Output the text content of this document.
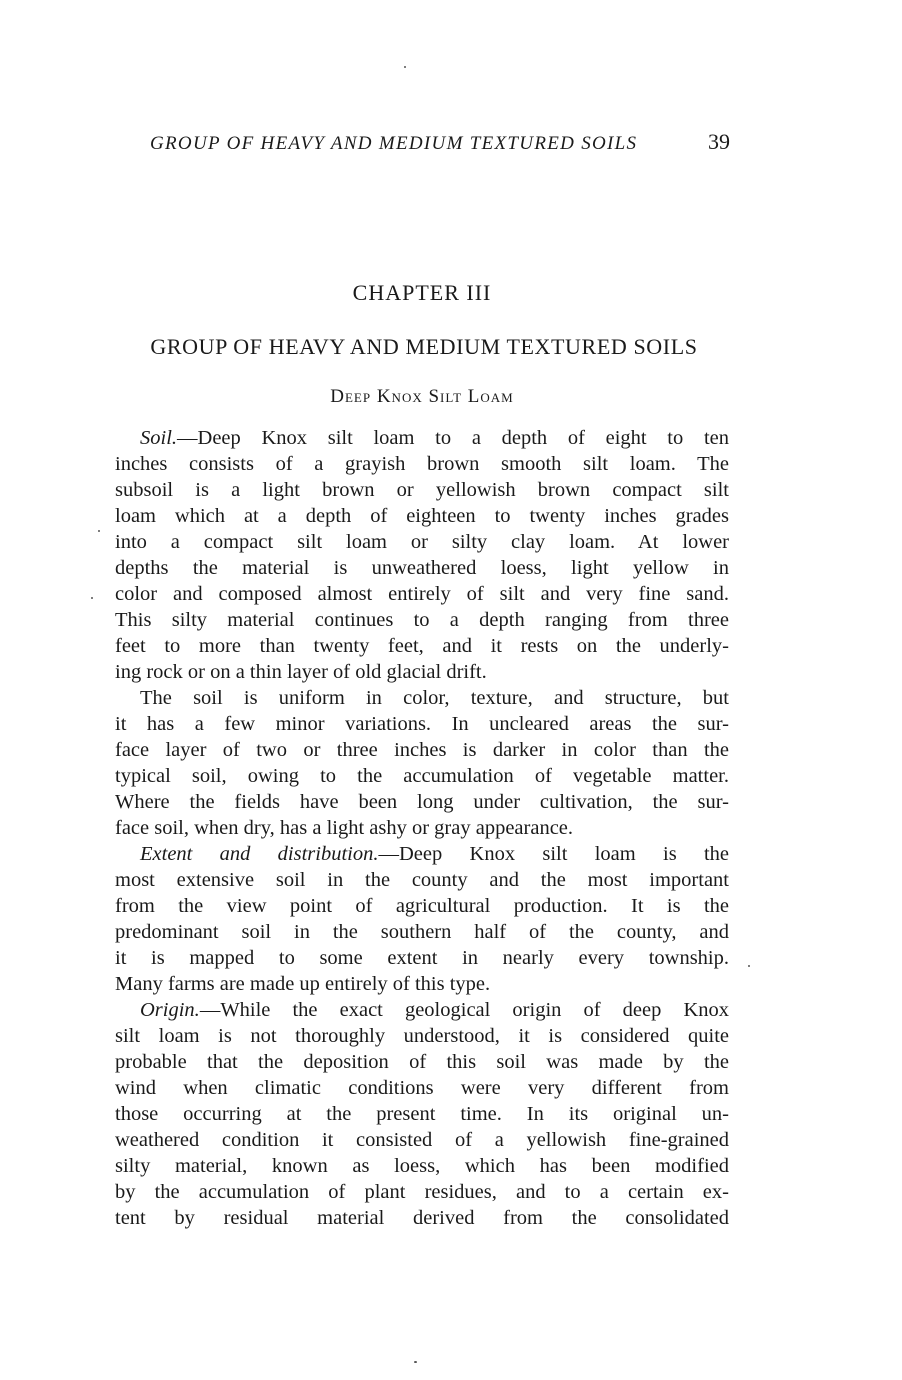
GROUP OF HEAVY AND MEDIUM TEXTURED SOILS	39
CHAPTER III
GROUP OF HEAVY AND MEDIUM TEXTURED SOILS
Deep Knox Silt Loam
Soil.—Deep Knox silt loam to a depth of eight to ten
inches consists of a grayish brown smooth silt loam. The
subsoil is a light brown or yellowish brown compact silt
loam which at a depth of eighteen to twenty inches grades
into a compact silt loam or silty clay loam. At lower
depths the material is unweathered loess, light yellow in
color and composed almost entirely of silt and very fine sand.
This silty material continues to a depth ranging from three
feet to more than twenty feet, and it rests on the underly-
ing rock or on a thin layer of old glacial drift.
The soil is uniform in color, texture, and structure, but
it has a few minor variations. In uncleared areas the sur-
face layer of two or three inches is darker in color than the
typical soil, owing to the accumulation of vegetable matter.
Where the fields have been long under cultivation, the sur-
face soil, when dry, has a light ashy or gray appearance.
Extent and distribution.—Deep Knox silt loam is the
most extensive soil in the county and the most important
from the view point of agricultural production. It is the
predominant soil in the southern half of the county, and
it is mapped to some extent in nearly every township.
Many farms are made up entirely of this type.
Origin.—While the exact geological origin of deep Knox
silt loam is not thoroughly understood, it is considered quite
probable that the deposition of this soil was made by the
wind when climatic conditions were very different from
those occurring at the present time. In its original un-
weathered condition it consisted of a yellowish fine-grained
silty material, known as loess, which has been modified
by the accumulation of plant residues, and to a certain ex-
tent by residual material derived from the consolidated
